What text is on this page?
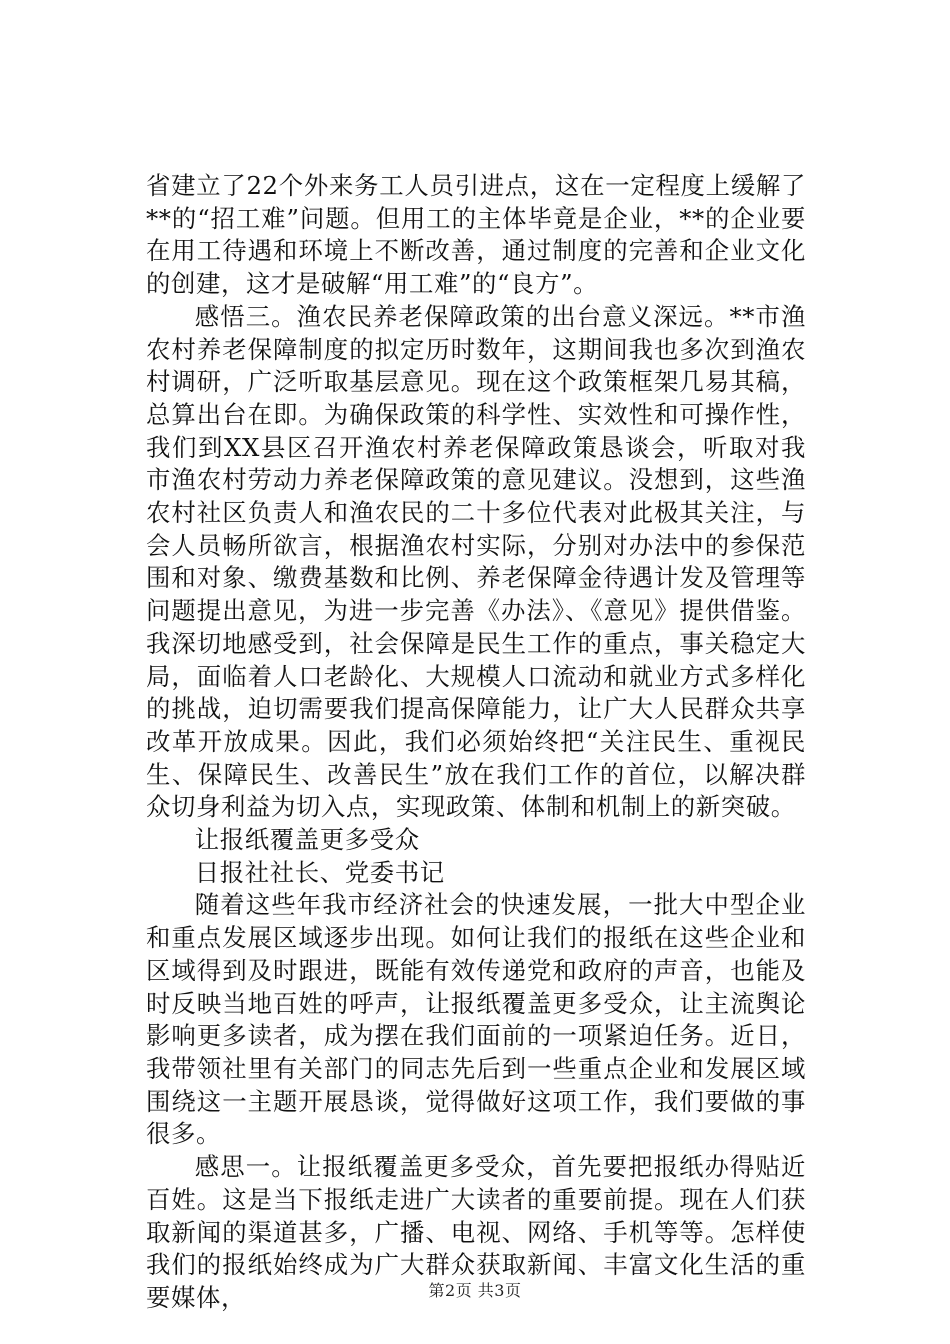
省建立了22个外来务工人员引进点，这在一定程度上缓解了**的“招工难”问题。但用工的主体毕竟是企业，**的企业要在用工待遇和环境上不断改善，通过制度的完善和企业文化的创建，这才是破解“用工难”的“良方”。

感悟三。渔农民养老保障政策的出台意义深远。**市渔农村养老保障制度的拟定历时数年，这期间我也多次到渔农村调研，广泛听取基层意见。现在这个政策框架几易其稿，总算出台在即。为确保政策的科学性、实效性和可操作性，我们到XX县区召开渔农村养老保障政策恳谈会，听取对我市渔农村劳动力养老保障政策的意见建议。没想到，这些渔农村社区负责人和渔农民的二十多位代表对此极其关注，与会人员畅所欲言，根据渔农村实际，分别对办法中的参保范围和对象、缴费基数和比例、养老保障金待遇计发及管理等问题提出意见，为进一步完善《办法》、《意见》提供借鉴。我深切地感受到，社会保障是民生工作的重点，事关稳定大局，面临着人口老龄化、大规模人口流动和就业方式多样化的挑战，迫切需要我们提高保障能力，让广大人民群众共享改革开放成果。因此，我们必须始终把“关注民生、重视民生、保障民生、改善民生”放在我们工作的首位，以解决群众切身利益为切入点，实现政策、体制和机制上的新突破。

让报纸覆盖更多受众

日报社社长、党委书记

随着这些年我市经济社会的快速发展，一批大中型企业和重点发展区域逐步出现。如何让我们的报纸在这些企业和区域得到及时跟进，既能有效传递党和政府的声音，也能及时反映当地百姓的呼声，让报纸覆盖更多受众，让主流舆论影响更多读者，成为摆在我们面前的一项紧迫任务。近日，我带领社里有关部门的同志先后到一些重点企业和发展区域围绕这一主题开展恳谈，觉得做好这项工作，我们要做的事很多。

感思一。让报纸覆盖更多受众，首先要把报纸办得贴近百姓。这是当下报纸走进广大读者的重要前提。现在人们获取新闻的渠道甚多，广播、电视、网络、手机等等。怎样使我们的报纸始终成为广大群众获取新闻、丰富文化生活的重要媒体，	第2页 共3页
